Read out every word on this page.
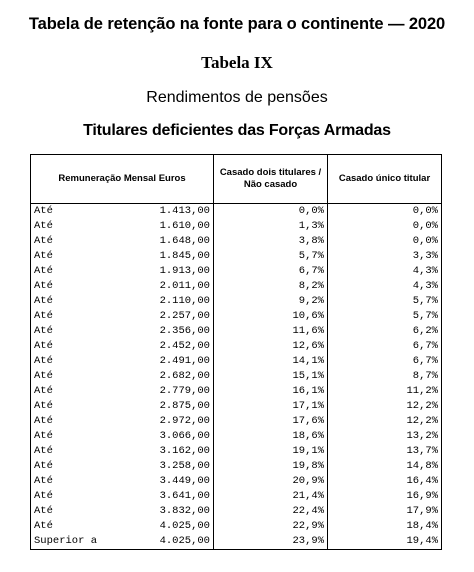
Tabela de retenção na fonte para o continente — 2020
Tabela IX
Rendimentos de pensões
Titulares deficientes das Forças Armadas
Remuneração Mensal Euros		Casado dois titulares / Não casado	Casado único titular
Até	1.413,00	0,0%	0,0%
Até	1.610,00	1,3%	0,0%
Até	1.648,00	3,8%	0,0%
Até	1.845,00	5,7%	3,3%
Até	1.913,00	6,7%	4,3%
Até	2.011,00	8,2%	4,3%
Até	2.110,00	9,2%	5,7%
Até	2.257,00	10,6%	5,7%
Até	2.356,00	11,6%	6,2%
Até	2.452,00	12,6%	6,7%
Até	2.491,00	14,1%	6,7%
Até	2.682,00	15,1%	8,7%
Até	2.779,00	16,1%	11,2%
Até	2.875,00	17,1%	12,2%
Até	2.972,00	17,6%	12,2%
Até	3.066,00	18,6%	13,2%
Até	3.162,00	19,1%	13,7%
Até	3.258,00	19,8%	14,8%
Até	3.449,00	20,9%	16,4%
Até	3.641,00	21,4%	16,9%
Até	3.832,00	22,4%	17,9%
Até	4.025,00	22,9%	18,4%
Superior a	4.025,00	23,9%	19,4%
